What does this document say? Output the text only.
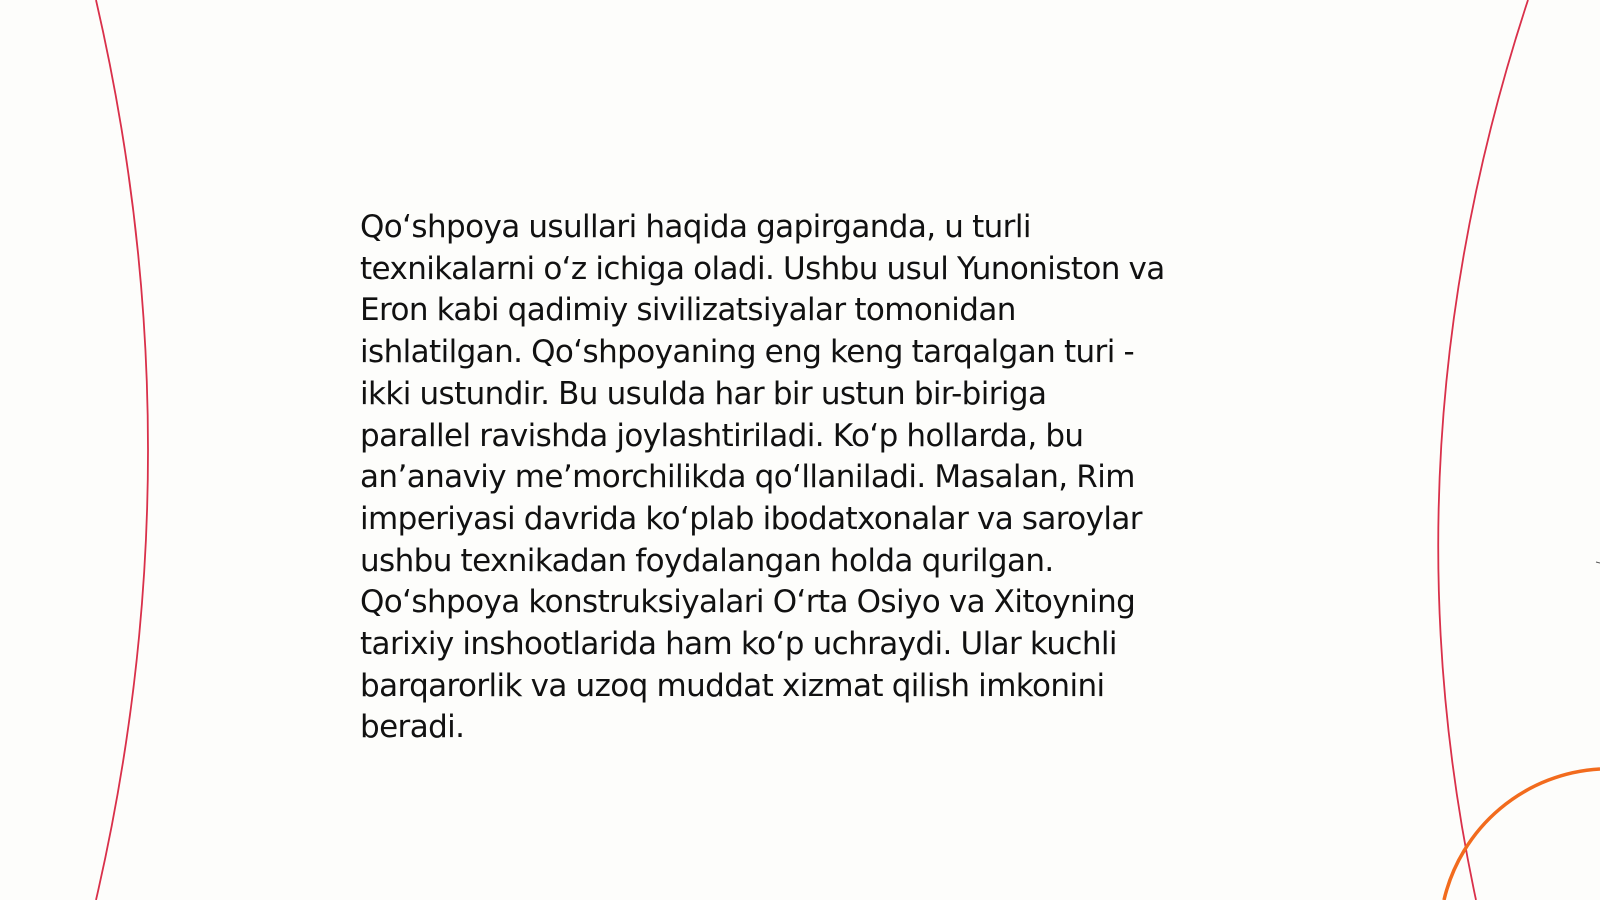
Qoʻshpoya usullari haqida gapirganda, u turli
texnikalarni oʻz ichiga oladi. Ushbu usul Yunoniston va
Eron kabi qadimiy sivilizatsiyalar tomonidan
ishlatilgan. Qoʻshpoyaning eng keng tarqalgan turi -
ikki ustundir. Bu usulda har bir ustun bir-biriga
parallel ravishda joylashtiriladi. Koʻp hollarda, bu
anʼanaviy meʼmorchilikda qoʻllaniladi. Masalan, Rim
imperiyasi davrida koʻplab ibodatxonalar va saroylar
ushbu texnikadan foydalangan holda qurilgan.
Qoʻshpoya konstruksiyalari Oʻrta Osiyo va Xitoyning
tarixiy inshootlarida ham koʻp uchraydi. Ular kuchli
barqarorlik va uzoq muddat xizmat qilish imkonini
beradi.
